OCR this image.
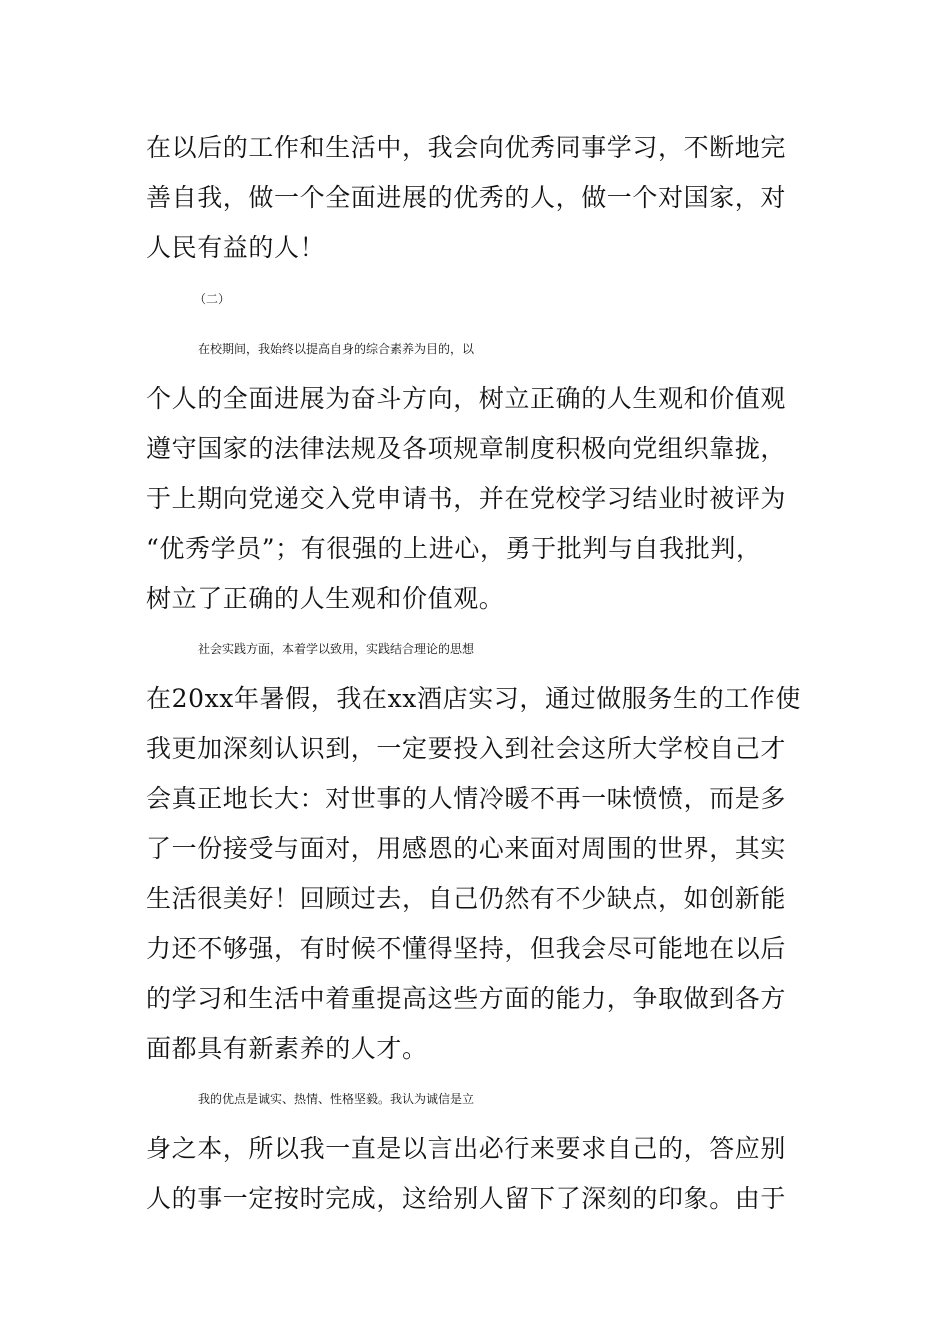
在以后的工作和生活中，我会向优秀同事学习，不断地完
善自我，做一个全面进展的优秀的人，做一个对国家，对
人民有益的人！
（二）
在校期间，我始终以提高自身的综合素养为目的，以
个人的全面进展为奋斗方向，树立正确的人生观和价值观
遵守国家的法律法规及各项规章制度积极向党组织靠拢，
于上期向党递交入党申请书，并在党校学习结业时被评为
“优秀学员”；有很强的上进心，勇于批判与自我批判，
树立了正确的人生观和价值观。
社会实践方面，本着学以致用，实践结合理论的思想
在20xx年暑假，我在xx酒店实习，通过做服务生的工作使
我更加深刻认识到，一定要投入到社会这所大学校自己才
会真正地长大：对世事的人情冷暖不再一味愤愤，而是多
了一份接受与面对，用感恩的心来面对周围的世界，其实
生活很美好！回顾过去，自己仍然有不少缺点，如创新能
力还不够强，有时候不懂得坚持，但我会尽可能地在以后
的学习和生活中着重提高这些方面的能力，争取做到各方
面都具有新素养的人才。
我的优点是诚实、热情、性格坚毅。我认为诚信是立
身之本，所以我一直是以言出必行来要求自己的，答应别
人的事一定按时完成，这给别人留下了深刻的印象。由于
